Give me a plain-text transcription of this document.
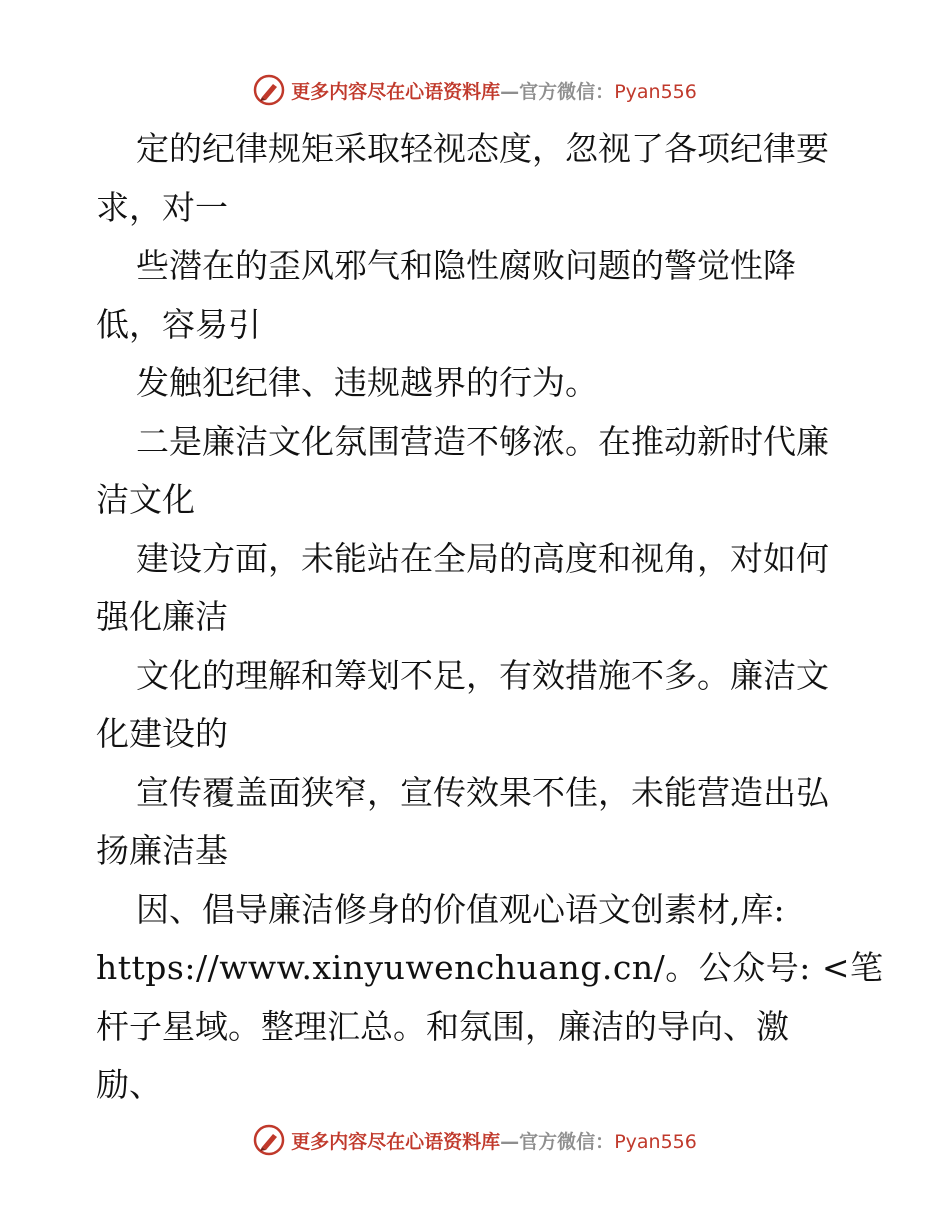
更多内容尽在心语资料库 — 官方微信： Pyan556
定的纪律规矩采取轻视态度，忽视了各项纪律要
求，对一
些潜在的歪风邪气和隐性腐败问题的警觉性降
低，容易引
发触犯纪律、违规越界的行为。
二是廉洁文化氛围营造不够浓。在推动新时代廉
洁文化
建设方面，未能站在全局的高度和视角，对如何
强化廉洁
文化的理解和筹划不足，有效措施不多。廉洁文
化建设的
宣传覆盖面狭窄，宣传效果不佳，未能营造出弘
扬廉洁基
因、倡导廉洁修身的价值观心语文创素材,库:
https://www.xinyuwenchuang.cn/。公众号: <笔
杆子星域。整理汇总。和氛围，廉洁的导向、激
励、
更多内容尽在心语资料库 — 官方微信： Pyan556
